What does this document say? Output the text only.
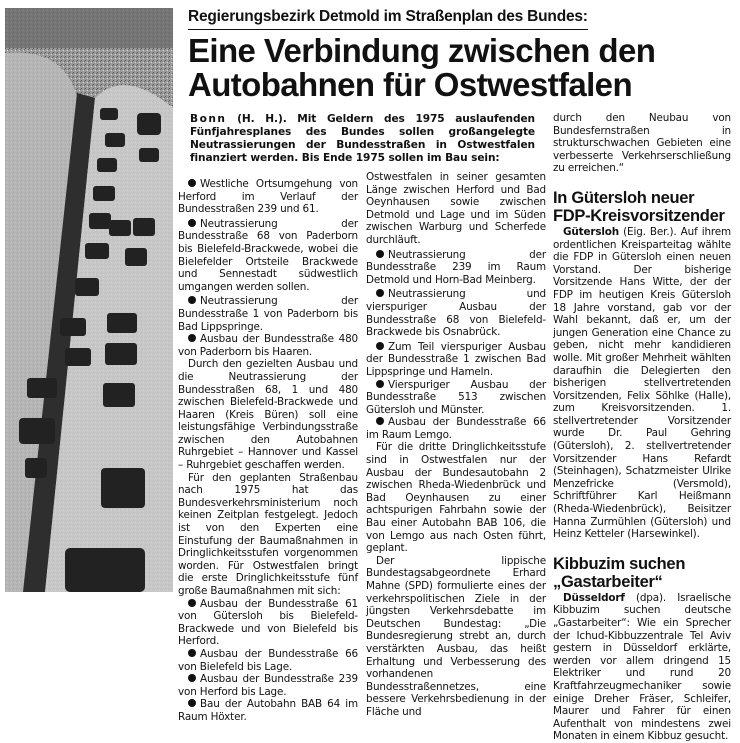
Regierungsbezirk Detmold im Straßenplan des Bundes:
Eine Verbindung zwischen den
Autobahnen für Ostwestfalen
Bonn (H. H.). Mit Geldern des 1975 auslaufenden Fünfjahresplanes des Bundes sollen großangelegte Neutrassierungen der Bundesstraßen in Ostwestfalen finanziert werden. Bis Ende 1975 sollen im Bau sein:

Westliche Ortsumgehung von Herford im Verlauf der Bundesstraßen 239 und 61.

Neutrassierung der Bundesstraße 68 von Paderborn bis Bielefeld-Brackwede, wobei die Bielefelder Ortsteile Brackwede und Sennestadt südwestlich umgangen werden sollen.

Neutrassierung der Bundesstraße 1 von Paderborn bis Bad Lippspringe.

Ausbau der Bundesstraße 480 von Paderborn bis Haaren.

Durch den gezielten Ausbau und die Neutrassierung der Bundesstraßen 68, 1 und 480 zwischen Bielefeld-Brackwede und Haaren (Kreis Büren) soll eine leistungsfähige Verbindungsstraße zwischen den Autobahnen Ruhrgebiet – Hannover und Kassel – Ruhrgebiet geschaffen werden.

Für den geplanten Straßenbau nach 1975 hat das Bundesverkehrsministerium noch keinen Zeitplan festgelegt. Jedoch ist von den Experten eine Einstufung der Baumaßnahmen in Dringlichkeitsstufen vorgenommen worden. Für Ostwestfalen bringt die erste Dringlichkeitsstufe fünf große Baumaßnahmen mit sich:

Ausbau der Bundesstraße 61 von Gütersloh bis Bielefeld-Brackwede und von Bielefeld bis Herford.

Ausbau der Bundesstraße 66 von Bielefeld bis Lage.

Ausbau der Bundesstraße 239 von Herford bis Lage.

Bau der Autobahn BAB 64 im Raum Höxter.

Ostwestfalen in seiner gesamten Länge zwischen Herford und Bad Oeynhausen sowie zwischen Detmold und Lage und im Süden zwischen Warburg und Scherfede durchläuft.

Neutrassierung der Bundesstraße 239 im Raum Detmold und Horn-Bad Meinberg.

Neutrassierung und vierspuriger Ausbau der Bundesstraße 68 von Bielefeld-Brackwede bis Osnabrück.

Zum Teil vierspuriger Ausbau der Bundesstraße 1 zwischen Bad Lippspringe und Hameln.

Vierspuriger Ausbau der Bundesstraße 513 zwischen Gütersloh und Münster.

Ausbau der Bundesstraße 66 im Raum Lemgo.

Für die dritte Dringlichkeitsstufe sind in Ostwestfalen nur der Ausbau der Bundesautobahn 2 zwischen Rheda-Wiedenbrück und Bad Oeynhausen zu einer achtspurigen Fahrbahn sowie der Bau einer Autobahn BAB 106, die von Lemgo aus nach Osten führt, geplant.

Der lippische Bundestagsabgeordnete Erhard Mahne (SPD) formulierte eines der verkehrspolitischen Ziele in der jüngsten Verkehrsdebatte im Deutschen Bundestag: „Die Bundesregierung strebt an, durch verstärkten Ausbau, das heißt Erhaltung und Verbesserung des vorhandenen Bundesstraßennetzes, eine bessere Verkehrsbedienung in der Fläche und

durch den Neubau von Bundesfernstraßen in strukturschwachen Gebieten eine verbesserte Verkehrserschließung zu erreichen.“

In Gütersloh neuer
FDP-Kreisvorsitzender

Gütersloh (Eig. Ber.). Auf ihrem ordentlichen Kreisparteitag wählte die FDP in Gütersloh einen neuen Vorstand. Der bisherige Vorsitzende Hans Witte, der der FDP im heutigen Kreis Gütersloh 18 Jahre vorstand, gab vor der Wahl bekannt, daß er, um der jungen Generation eine Chance zu geben, nicht mehr kandidieren wolle. Mit großer Mehrheit wählten daraufhin die Delegierten den bisherigen stellvertretenden Vorsitzenden, Felix Söhlke (Halle), zum Kreisvorsitzenden. 1. stellvertretender Vorsitzender wurde Dr. Paul Gehring (Gütersloh), 2. stellvertretender Vorsitzender Hans Refardt (Steinhagen), Schatzmeister Ulrike Menzefricke (Versmold), Schriftführer Karl Heißmann (Rheda-Wiedenbrück), Beisitzer Hanna Zurmühlen (Gütersloh) und Heinz Ketteler (Harsewinkel).

Kibbuzim suchen
„Gastarbeiter“

Düsseldorf (dpa). Israelische Kibbuzim suchen deutsche „Gastarbeiter“: Wie ein Sprecher der Ichud-Kibbuzzentrale Tel Aviv gestern in Düsseldorf erklärte, werden vor allem dringend 15 Elektriker und rund 20 Kraftfahrzeugmechaniker sowie einige Dreher Fräser, Schleifer, Maurer und Fahrer für einen Aufenthalt von mindestens zwei Monaten in einem Kibbuz gesucht.
